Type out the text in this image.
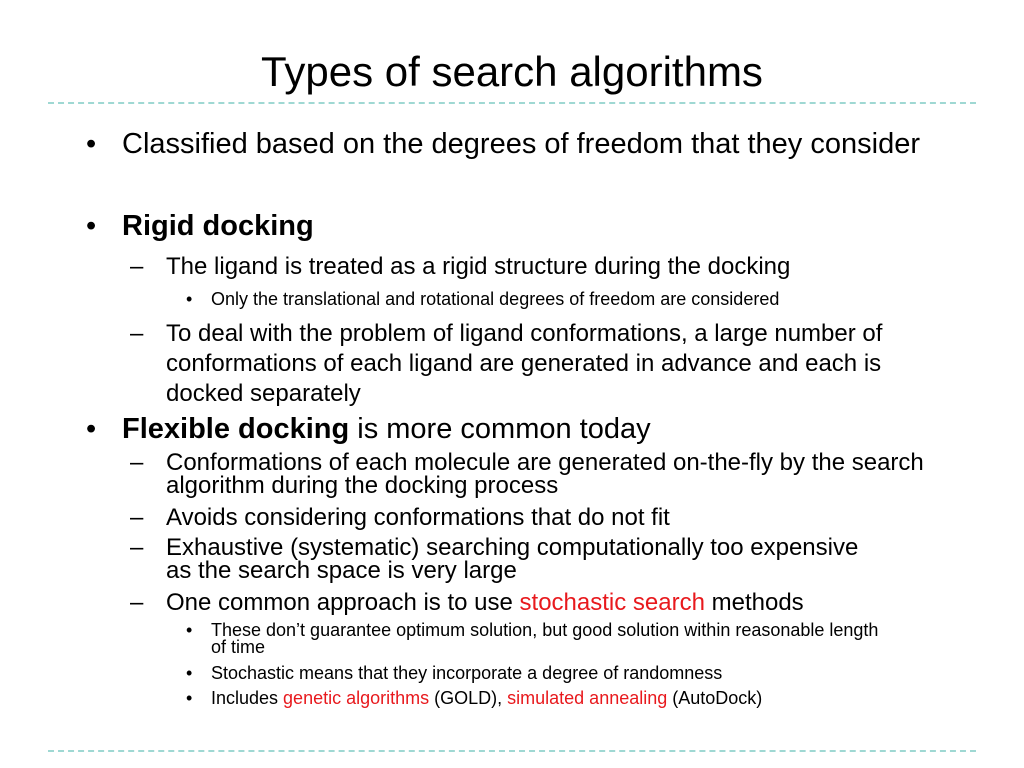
Types of search algorithms
• Classified based on the degrees of freedom that they consider
• Rigid docking
– The ligand is treated as a rigid structure during the docking
• Only the translational and rotational degrees of freedom are considered
– To deal with the problem of ligand conformations, a large number of conformations of each ligand are generated in advance and each is docked separately
• Flexible docking is more common today
– Conformations of each molecule are generated on-the-fly by the search algorithm during the docking process
– Avoids considering conformations that do not fit
– Exhaustive (systematic) searching computationally too expensive as the search space is very large
– One common approach is to use stochastic search methods
• These don’t guarantee optimum solution, but good solution within reasonable length of time
• Stochastic means that they incorporate a degree of randomness
• Includes genetic algorithms (GOLD), simulated annealing (AutoDock)
